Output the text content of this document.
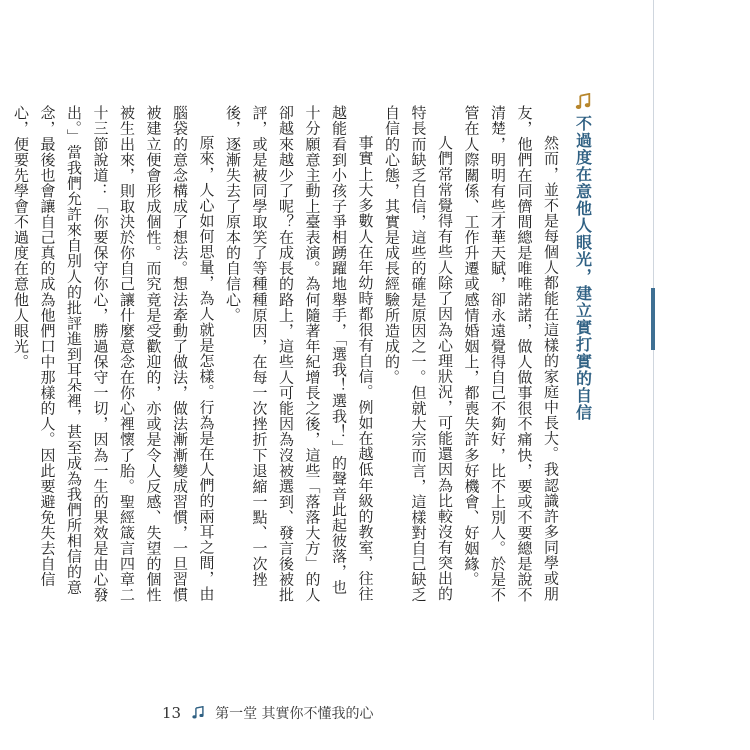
不過度在意他人眼光，建立實打實的自信

然而，並不是每個人都能在這樣的家庭中長大。我認識許多同學或朋友，他們在同儕間總是唯唯諾諾，做人做事很不痛快，要或不要總是說不清楚，明明有些才華天賦，卻永遠覺得自己不夠好，比不上別人。於是不管在人際關係、工作升遷或感情婚姻上，都喪失許多好機會、好姻緣。

人們常常覺得有些人除了因為心理狀況，可能還因為比較沒有突出的特長而缺乏自信，這些的確是原因之一。但就大宗而言，這樣對自己缺乏自信的心態，其實是成長經驗所造成的。

事實上大多數人在年幼時都很有自信。例如在越低年級的教室，往往越能看到小孩子爭相踴躍地舉手，「選我！選我！」的聲音此起彼落，也十分願意主動上臺表演。為何隨著年紀增長之後，這些「落落大方」的人卻越來越少了呢？在成長的路上，這些人可能因為沒被選到、發言後被批評，或是被同學取笑了等種種原因，在每一次挫折下退縮一點、一次挫後，逐漸失去了原本的自信心。

原來，人心如何思量，為人就是怎樣。行為是在人們的兩耳之間，由腦袋的意念構成了想法。想法牽動了做法，做法漸漸變成習慣，一旦習慣被建立便會形成個性。而究竟是受歡迎的，亦或是令人反感、失望的個性被生出來，則取決於你自己讓什麼意念在你心裡懷了胎。聖經箴言四章二十三節說道：「你要保守你心，勝過保守一切，因為一生的果效是由心發出。」當我們允許來自別人的批評進到耳朵裡，甚至成為我們所相信的意念，最後也會讓自己真的成為他們口中那樣的人。因此要避免失去自信心，便要先學會不過度在意他人眼光。

13 第一堂 其實你不懂我的心
